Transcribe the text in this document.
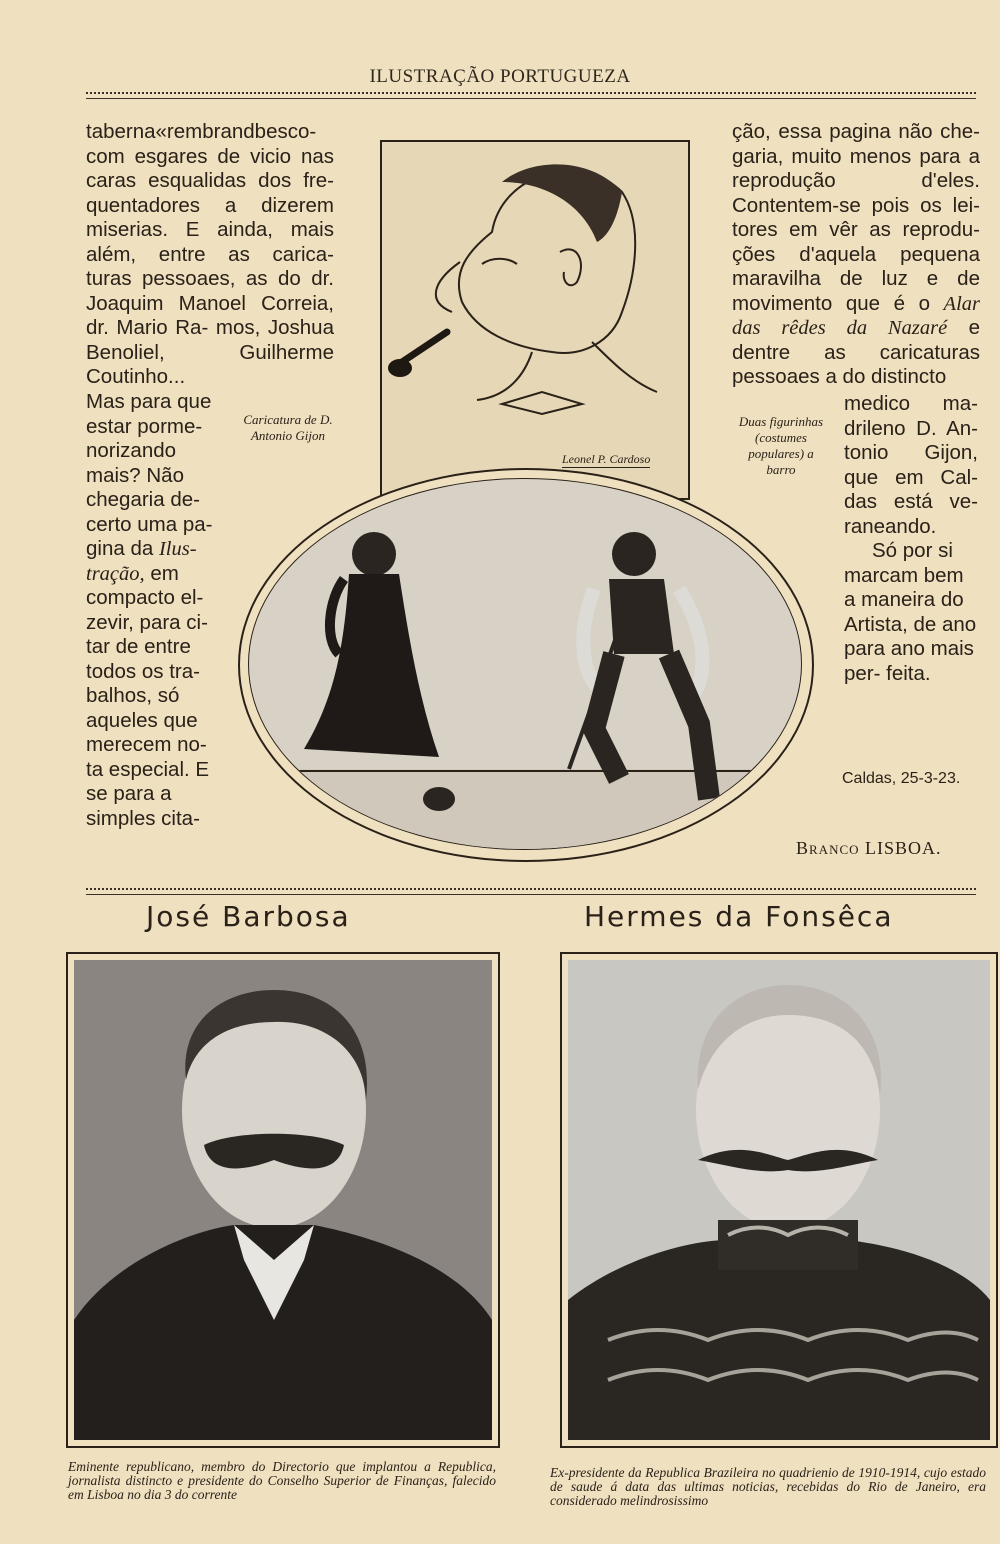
ILUSTRAÇÃO PORTUGUEZA

taberna«rembrandbesco- com esgares de vicio nas caras esqualidas dos fre- quentadores a dizerem miserias. E ainda, mais além, entre as carica- turas pessoaes, as do dr. Joaquim Manoel Correia, dr. Mario Ra- mos, Joshua Benoliel, Guilherme Coutinho...

Mas para que estar porme- norizando mais? Não chegaria de- certo uma pa- gina da Ilus- tração, em compacto el- zevir, para ci- tar de entre todos os tra- balhos, só aqueles que merecem no- ta especial. E se para a simples cita-

Caricatura de D. Antonio Gijon
Leonel P. Cardoso
Duas figurinhas (costumes populares) a barro

ção, essa pagina não che- garia, muito menos para a reprodução d'eles. Contentem-se pois os lei- tores em vêr as reprodu- ções d'aquela pequena maravilha de luz e de movimento que é o Alar das rêdes da Nazaré e dentre as caricaturas pessoaes a do distincto

medico ma- drileno D. An- tonio Gijon, que em Cal- das está ve- raneando.

Só por si marcam bem a maneira do Artista, de ano para ano mais per- feita.

Caldas, 25-3-23.
Branco LISBOA.
José Barbosa	Hermes da Fonsêca
Eminente republicano, membro do Directorio que implantou a Republica, jornalista distincto e presidente do Conselho Superior de Finanças, falecido em Lisboa no dia 3 do corrente
Ex-presidente da Republica Brazileira no quadrienio de 1910-1914, cujo estado de saude á data das ultimas noticias, recebidas do Rio de Janeiro, era considerado melindrosissimo
